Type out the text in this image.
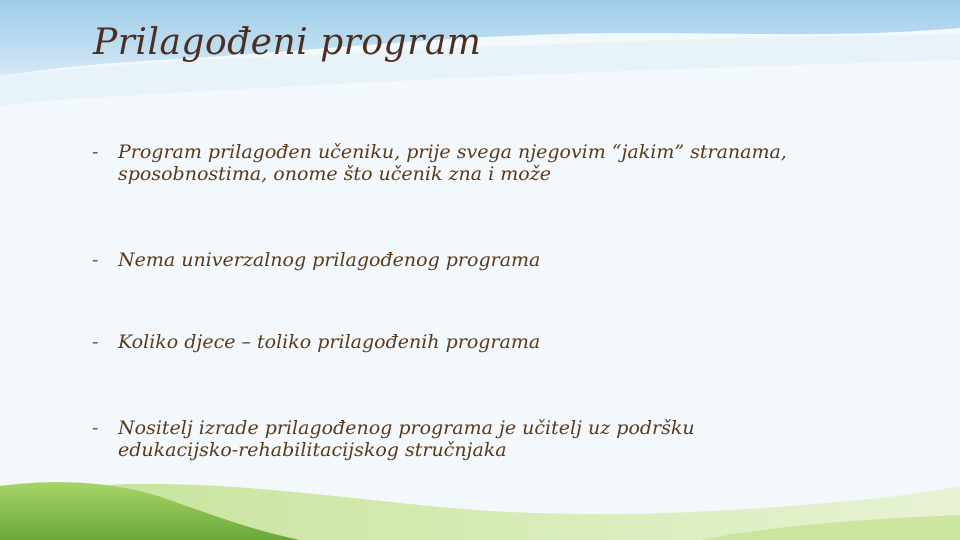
Prilagođeni program
-	Program prilagođen učeniku, prije svega njegovim “jakim” stranama, sposobnostima, onome što učenik zna i može
-	Nema univerzalnog prilagođenog programa
-	Koliko djece – toliko prilagođenih programa
-	Nositelj izrade prilagođenog programa je učitelj uz podršku edukacijsko-rehabilitacijskog stručnjaka
